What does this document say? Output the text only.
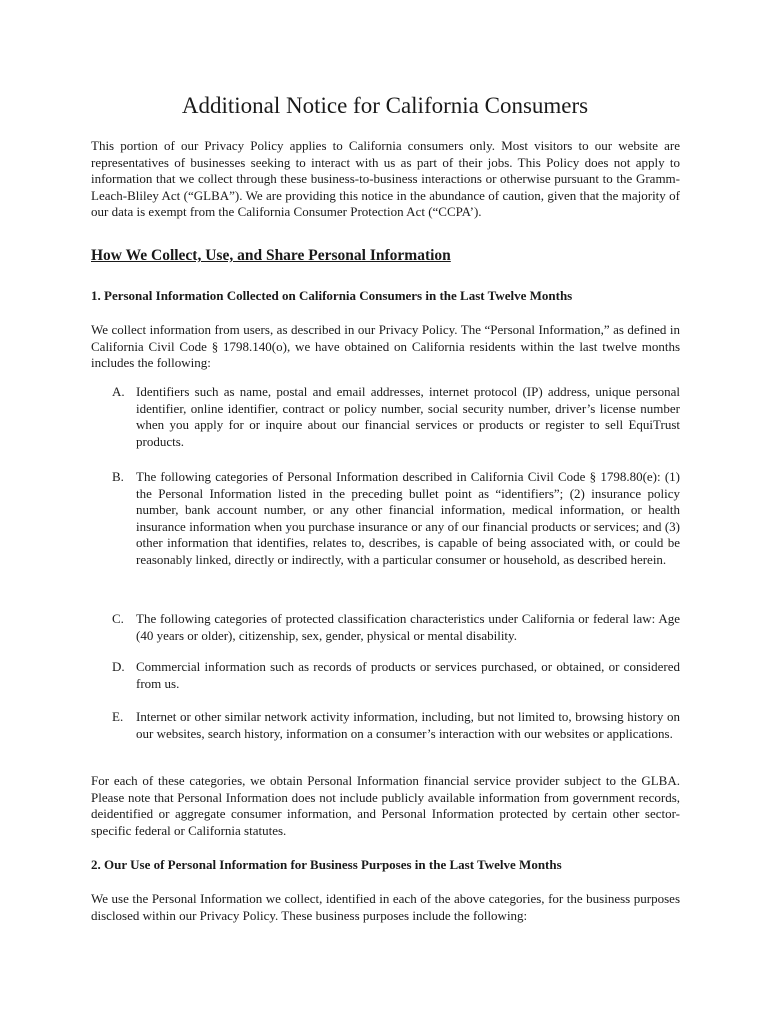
Additional Notice for California Consumers

This portion of our Privacy Policy applies to California consumers only. Most visitors to our website are representatives of businesses seeking to interact with us as part of their jobs. This Policy does not apply to information that we collect through these business-to-business interactions or otherwise pursuant to the Gramm-Leach-Bliley Act (“GLBA”). We are providing this notice in the abundance of caution, given that the majority of our data is exempt from the California Consumer Protection Act (“CCPA’).

How We Collect, Use, and Share Personal Information
1. Personal Information Collected on California Consumers in the Last Twelve Months

We collect information from users, as described in our Privacy Policy. The “Personal Information,” as defined in California Civil Code § 1798.140(o), we have obtained on California residents within the last twelve months includes the following:

A. Identifiers such as name, postal and email addresses, internet protocol (IP) address, unique personal identifier, online identifier, contract or policy number, social security number, driver’s license number when you apply for or inquire about our financial services or products or register to sell EquiTrust products.
B. The following categories of Personal Information described in California Civil Code § 1798.80(e): (1) the Personal Information listed in the preceding bullet point as “identifiers”; (2) insurance policy number, bank account number, or any other financial information, medical information, or health insurance information when you purchase insurance or any of our financial products or services; and (3) other information that identifies, relates to, describes, is capable of being associated with, or could be reasonably linked, directly or indirectly, with a particular consumer or household, as described herein.
C. The following categories of protected classification characteristics under California or federal law: Age (40 years or older), citizenship, sex, gender, physical or mental disability.
D. Commercial information such as records of products or services purchased, or obtained, or considered from us.
E. Internet or other similar network activity information, including, but not limited to, browsing history on our websites, search history, information on a consumer’s interaction with our websites or applications.

For each of these categories, we obtain Personal Information financial service provider subject to the GLBA. Please note that Personal Information does not include publicly available information from government records, deidentified or aggregate consumer information, and Personal Information protected by certain other sector-specific federal or California statutes.

2. Our Use of Personal Information for Business Purposes in the Last Twelve Months

We use the Personal Information we collect, identified in each of the above categories, for the business purposes disclosed within our Privacy Policy. These business purposes include the following:
